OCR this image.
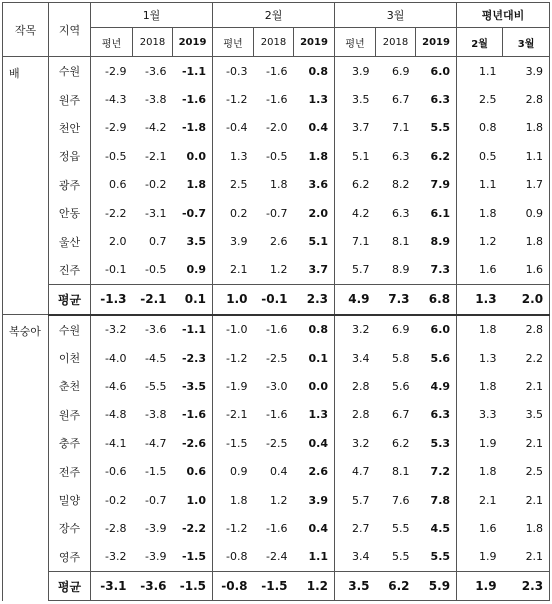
작목	지역	1월			2월			3월			평년대비	
		평년	2018	2019	평년	2018	2019	평년	2018	2019	2월	3월
배	수원	-2.9	-3.6	-1.1	-0.3	-1.6	0.8	3.9	6.9	6.0	1.1	3.9
	원주	-4.3	-3.8	-1.6	-1.2	-1.6	1.3	3.5	6.7	6.3	2.5	2.8
	천안	-2.9	-4.2	-1.8	-0.4	-2.0	0.4	3.7	7.1	5.5	0.8	1.8
	정읍	-0.5	-2.1	0.0	1.3	-0.5	1.8	5.1	6.3	6.2	0.5	1.1
	광주	0.6	-0.2	1.8	2.5	1.8	3.6	6.2	8.2	7.9	1.1	1.7
	안동	-2.2	-3.1	-0.7	0.2	-0.7	2.0	4.2	6.3	6.1	1.8	0.9
	울산	2.0	0.7	3.5	3.9	2.6	5.1	7.1	8.1	8.9	1.2	1.8
	진주	-0.1	-0.5	0.9	2.1	1.2	3.7	5.7	8.9	7.3	1.6	1.6
	평균	-1.3	-2.1	0.1	1.0	-0.1	2.3	4.9	7.3	6.8	1.3	2.0
복숭아	수원	-3.2	-3.6	-1.1	-1.0	-1.6	0.8	3.2	6.9	6.0	1.8	2.8
	이천	-4.0	-4.5	-2.3	-1.2	-2.5	0.1	3.4	5.8	5.6	1.3	2.2
	춘천	-4.6	-5.5	-3.5	-1.9	-3.0	0.0	2.8	5.6	4.9	1.8	2.1
	원주	-4.8	-3.8	-1.6	-2.1	-1.6	1.3	2.8	6.7	6.3	3.3	3.5
	충주	-4.1	-4.7	-2.6	-1.5	-2.5	0.4	3.2	6.2	5.3	1.9	2.1
	전주	-0.6	-1.5	0.6	0.9	0.4	2.6	4.7	8.1	7.2	1.8	2.5
	밀양	-0.2	-0.7	1.0	1.8	1.2	3.9	5.7	7.6	7.8	2.1	2.1
	장수	-2.8	-3.9	-2.2	-1.2	-1.6	0.4	2.7	5.5	4.5	1.6	1.8
	영주	-3.2	-3.9	-1.5	-0.8	-2.4	1.1	3.4	5.5	5.5	1.9	2.1
	평균	-3.1	-3.6	-1.5	-0.8	-1.5	1.2	3.5	6.2	5.9	1.9	2.3
